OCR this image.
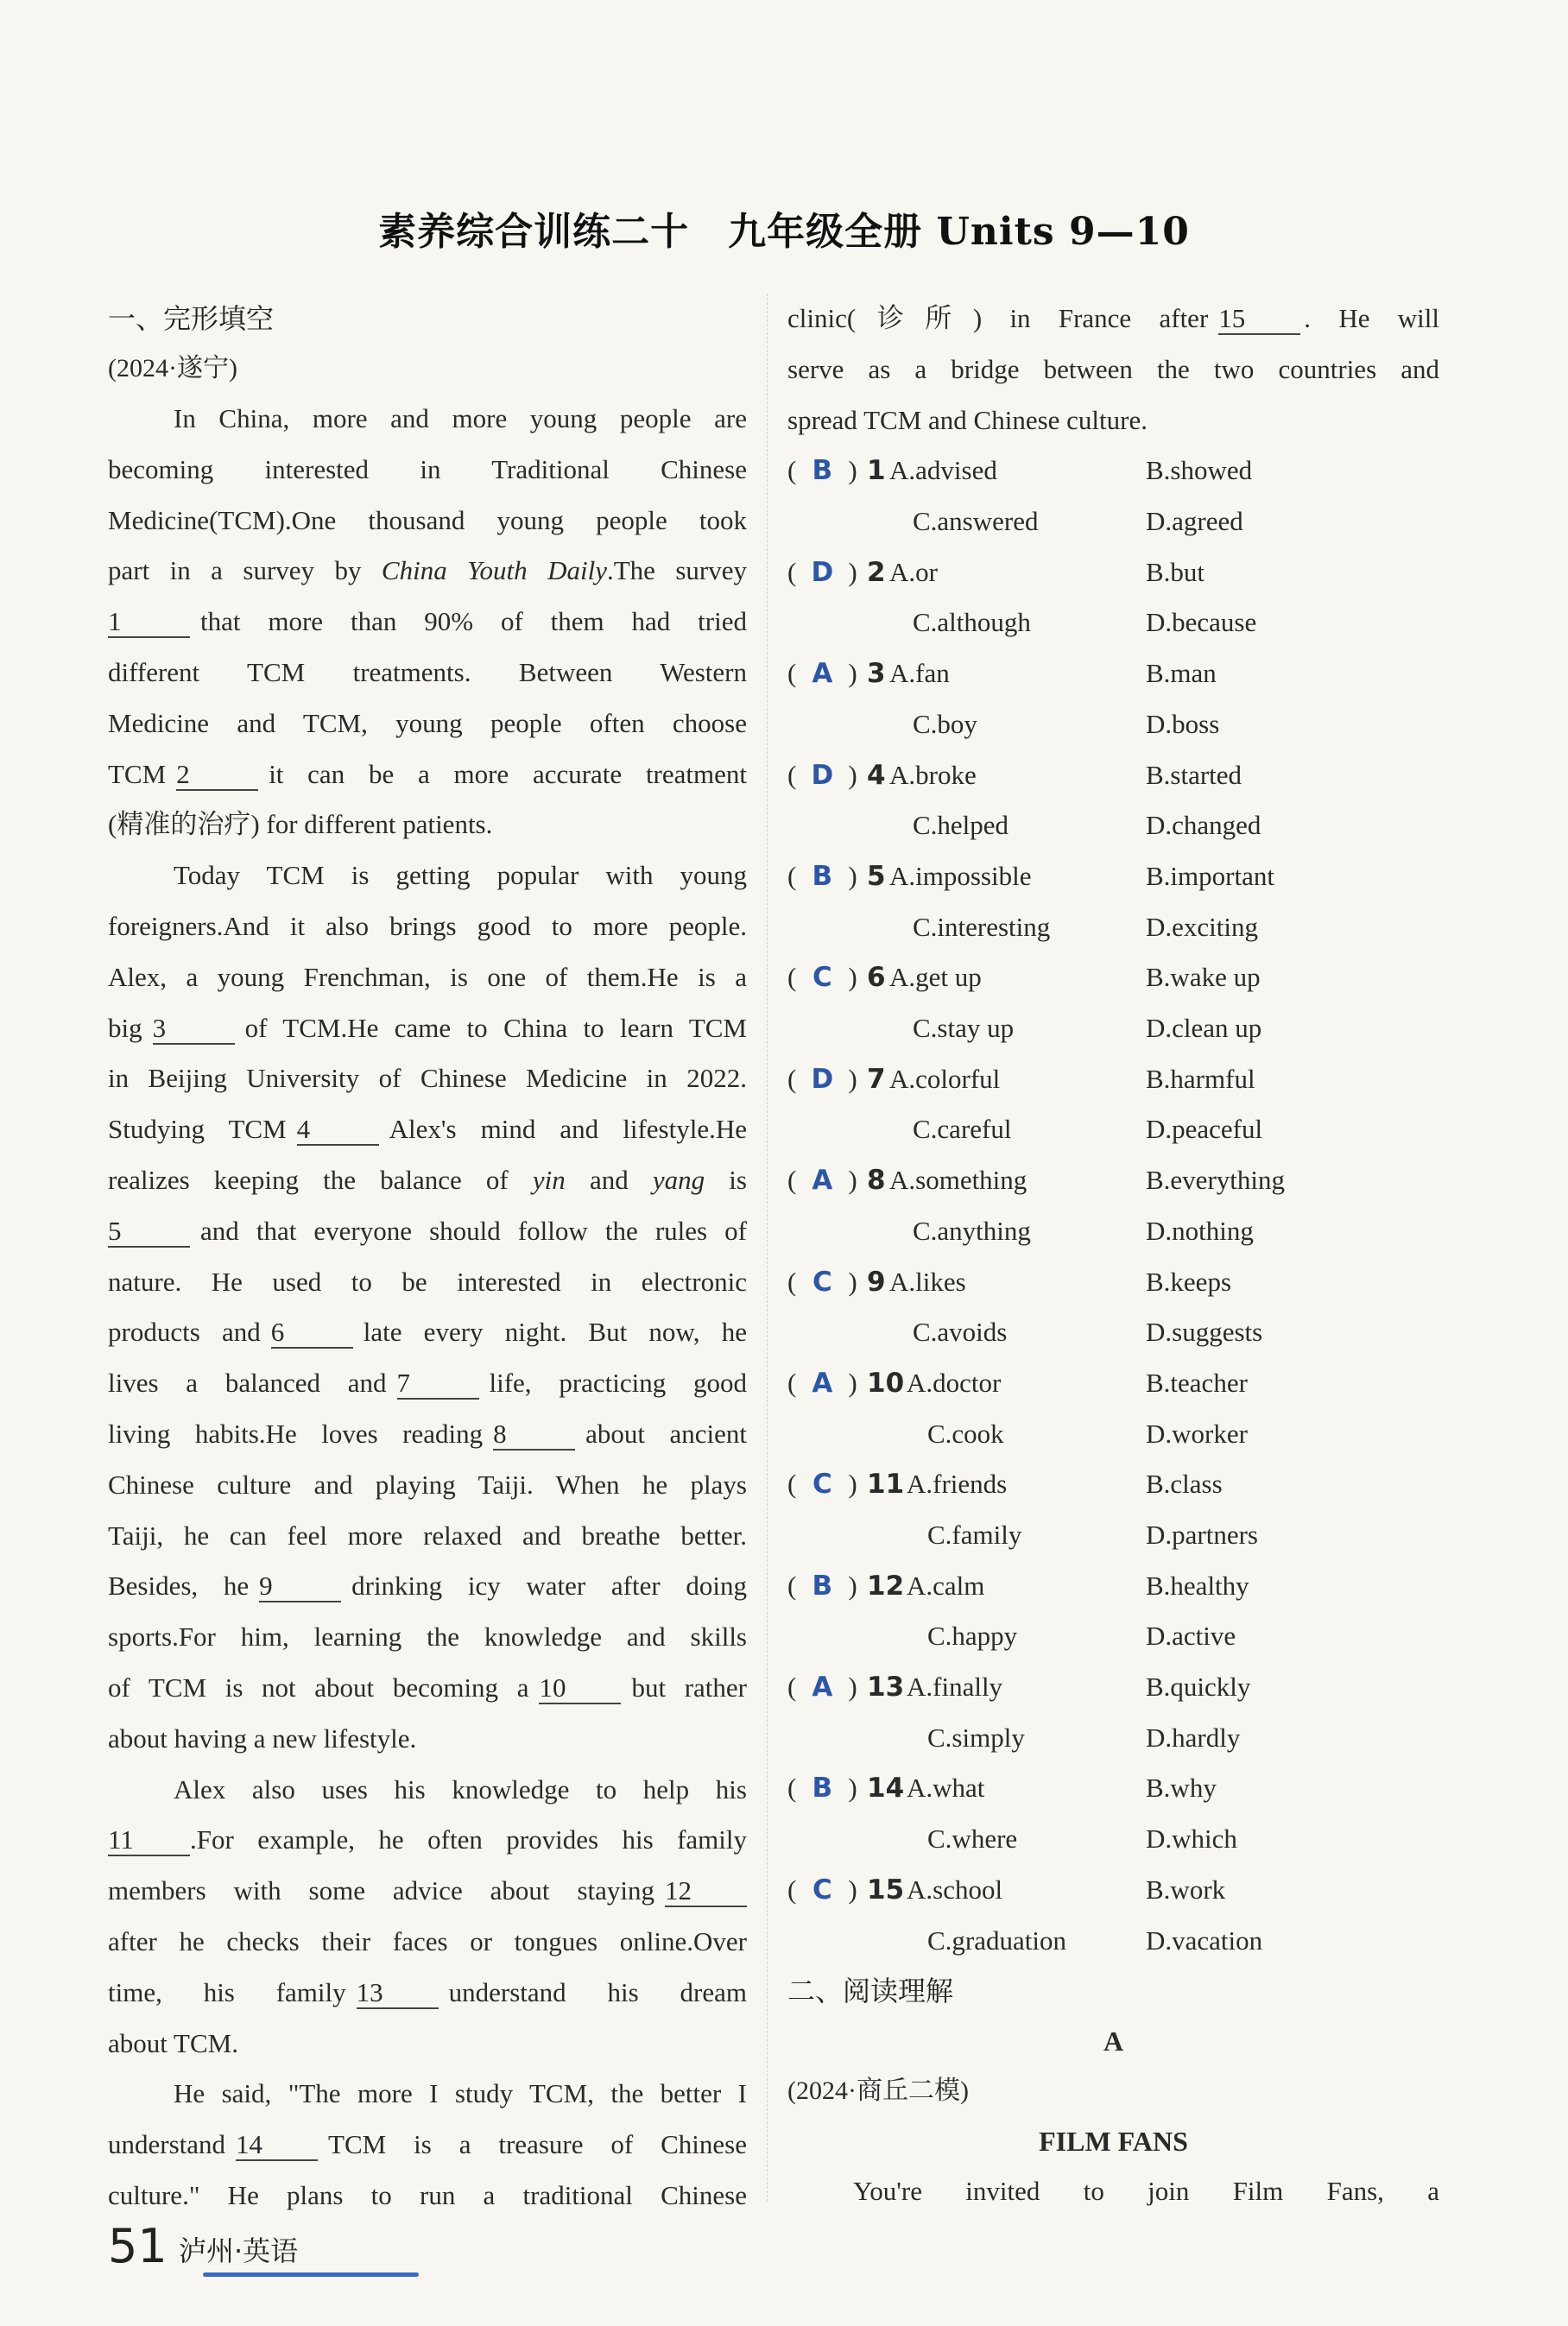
素养综合训练二十　九年级全册 Units 9—10
一、完形填空
(2024·遂宁)

In China, more and more young people are

becoming interested in Traditional Chinese

Medicine(TCM).One thousand young people took

part in a survey by China Youth Daily.The survey

1	that more than 90% of them had tried

different TCM treatments. Between Western

Medicine and TCM, young people often choose

TCM 2	it can be a more accurate treatment

(精准的治疗) for different patients.

Today TCM is getting popular with young

foreigners.And it also brings good to more people.

Alex, a young Frenchman, is one of them.He is a

big 3	of TCM.He came to China to learn TCM

in Beijing University of Chinese Medicine in 2022.

Studying TCM 4	Alex's mind and lifestyle.He

realizes keeping the balance of yin and yang is

5	and that everyone should follow the rules of

nature. He used to be interested in electronic

products and 6	late every night. But now, he

lives a balanced and 7	life, practicing good

living habits.He loves reading 8	about ancient

Chinese culture and playing Taiji. When he plays

Taiji, he can feel more relaxed and breathe better.

Besides, he 9	drinking icy water after doing

sports.For him, learning the knowledge and skills

of TCM is not about becoming a 10 but rather

about having a new lifestyle.

Alex also uses his knowledge to help his

11 .For example, he often provides his family

members with some advice about staying 12

after he checks their faces or tongues online.Over

time, his family 13 understand his dream

about TCM.

He said, "The more I study TCM, the better I

understand 14 TCM is a treasure of Chinese

culture." He plans to run a traditional Chinese

clinic(诊所) in France after 15 . He will

serve as a bridge between the two countries and

spread TCM and Chinese culture.

( B ) 1 A.advised	B.showed
C.answered	D.agreed
( D ) 2 A.or	B.but
C.although	D.because
( A ) 3 A.fan	B.man
C.boy	D.boss
( D ) 4 A.broke	B.started
C.helped	D.changed
( B ) 5 A.impossible	B.important
C.interesting	D.exciting
( C ) 6 A.get up	B.wake up
C.stay up	D.clean up
( D ) 7 A.colorful	B.harmful
C.careful	D.peaceful
( A ) 8 A.something	B.everything
C.anything	D.nothing
( C ) 9 A.likes	B.keeps
C.avoids	D.suggests
( A ) 10 A.doctor	B.teacher
C.cook	D.worker
( C ) 11 A.friends	B.class
C.family	D.partners
( B ) 12 A.calm	B.healthy
C.happy	D.active
( A ) 13 A.finally	B.quickly
C.simply	D.hardly
( B ) 14 A.what	B.why
C.where	D.which
( C ) 15 A.school	B.work
C.graduation	D.vacation
二、阅读理解
A
(2024·商丘二模)
FILM FANS
You're invited to join Film Fans, a
51 泸州·英语
